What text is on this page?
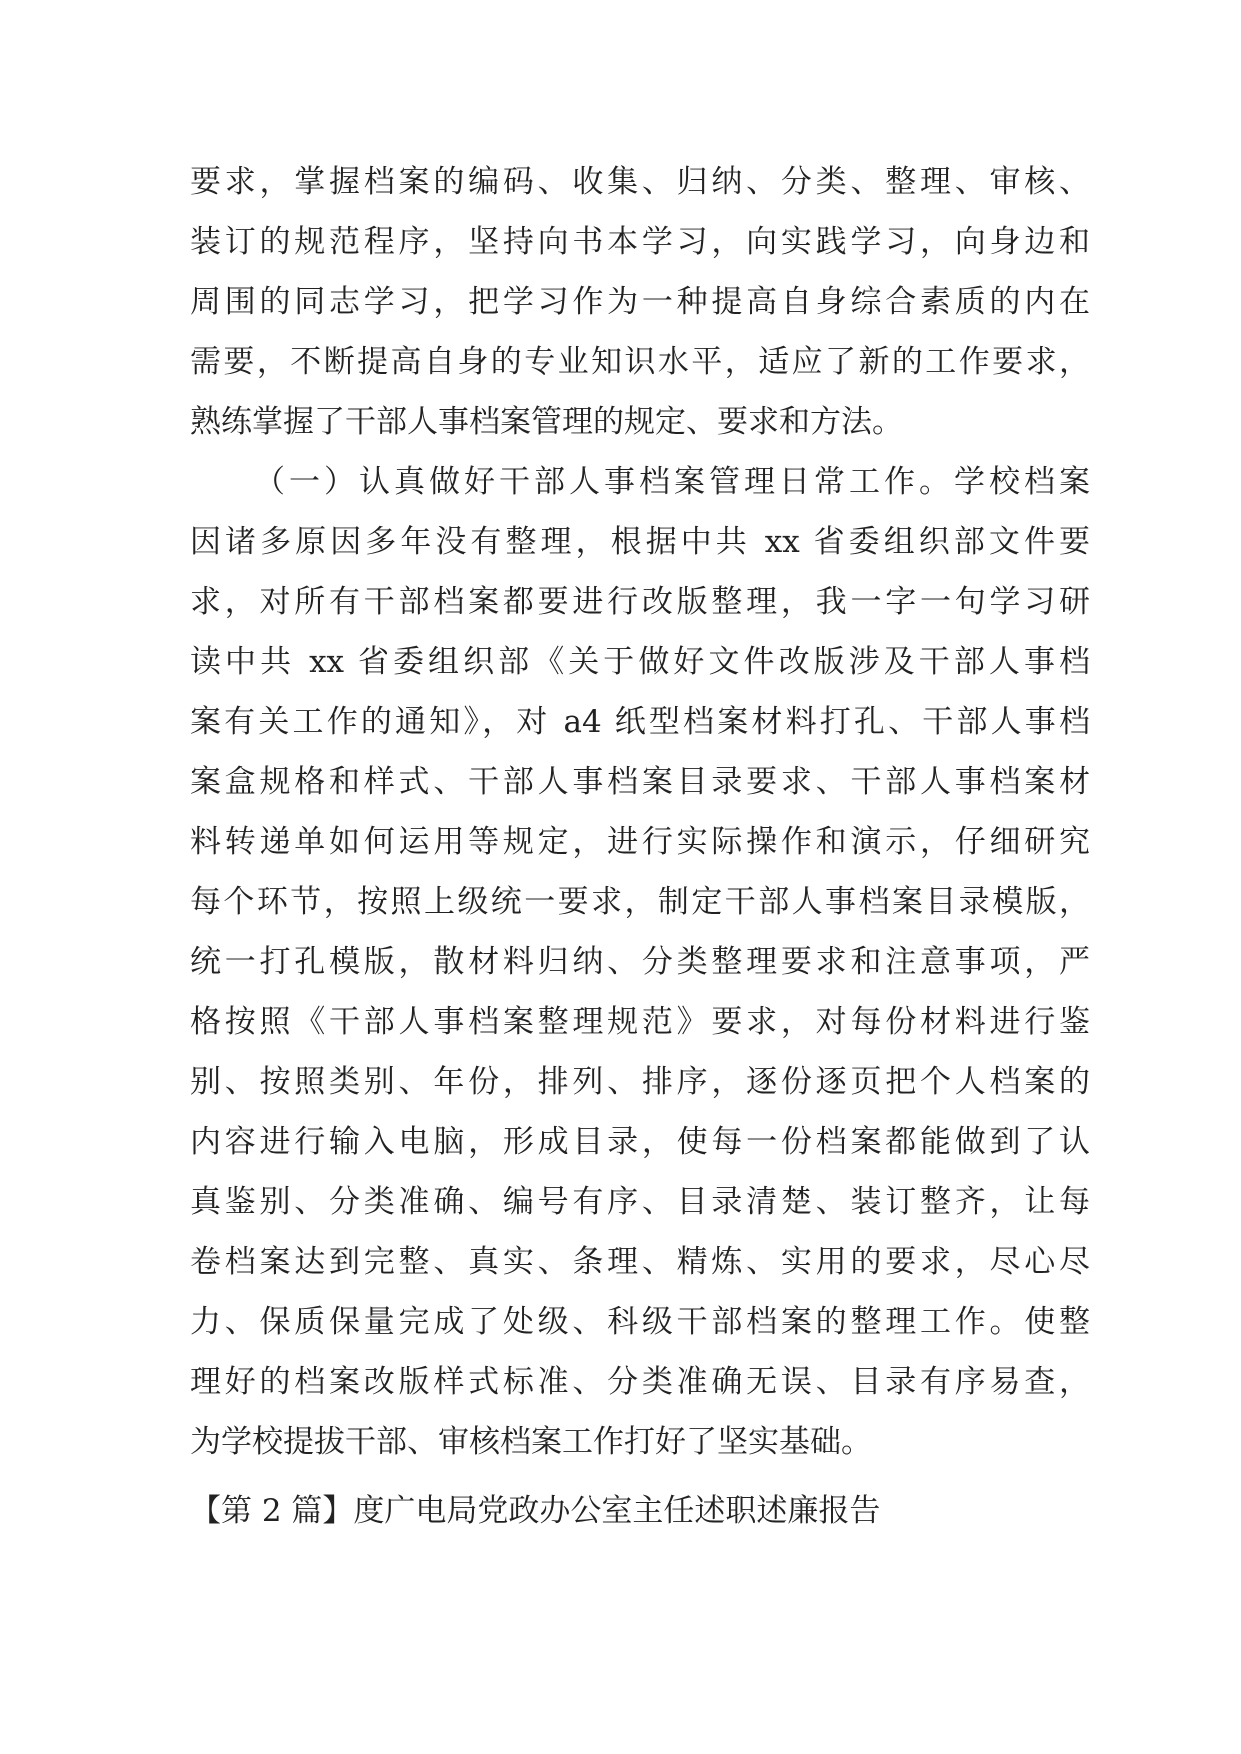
要求，掌握档案的编码、收集、归纳、分类、整理、审核、
装订的规范程序，坚持向书本学习，向实践学习，向身边和
周围的同志学习，把学习作为一种提高自身综合素质的内在
需要，不断提高自身的专业知识水平，适应了新的工作要求，
熟练掌握了干部人事档案管理的规定、要求和方法。
（一）认真做好干部人事档案管理日常工作。学校档案
因诸多原因多年没有整理，根据中共 xx 省委组织部文件要
求，对所有干部档案都要进行改版整理，我一字一句学习研
读中共 xx 省委组织部《关于做好文件改版涉及干部人事档
案有关工作的通知》，对 a4 纸型档案材料打孔、干部人事档
案盒规格和样式、干部人事档案目录要求、干部人事档案材
料转递单如何运用等规定，进行实际操作和演示，仔细研究
每个环节，按照上级统一要求，制定干部人事档案目录模版，
统一打孔模版，散材料归纳、分类整理要求和注意事项，严
格按照《干部人事档案整理规范》要求，对每份材料进行鉴
别、按照类别、年份，排列、排序，逐份逐页把个人档案的
内容进行输入电脑，形成目录，使每一份档案都能做到了认
真鉴别、分类准确、编号有序、目录清楚、装订整齐，让每
卷档案达到完整、真实、条理、精炼、实用的要求，尽心尽
力、保质保量完成了处级、科级干部档案的整理工作。使整
理好的档案改版样式标准、分类准确无误、目录有序易查，
为学校提拔干部、审核档案工作打好了坚实基础。
【第 2 篇】度广电局党政办公室主任述职述廉报告
